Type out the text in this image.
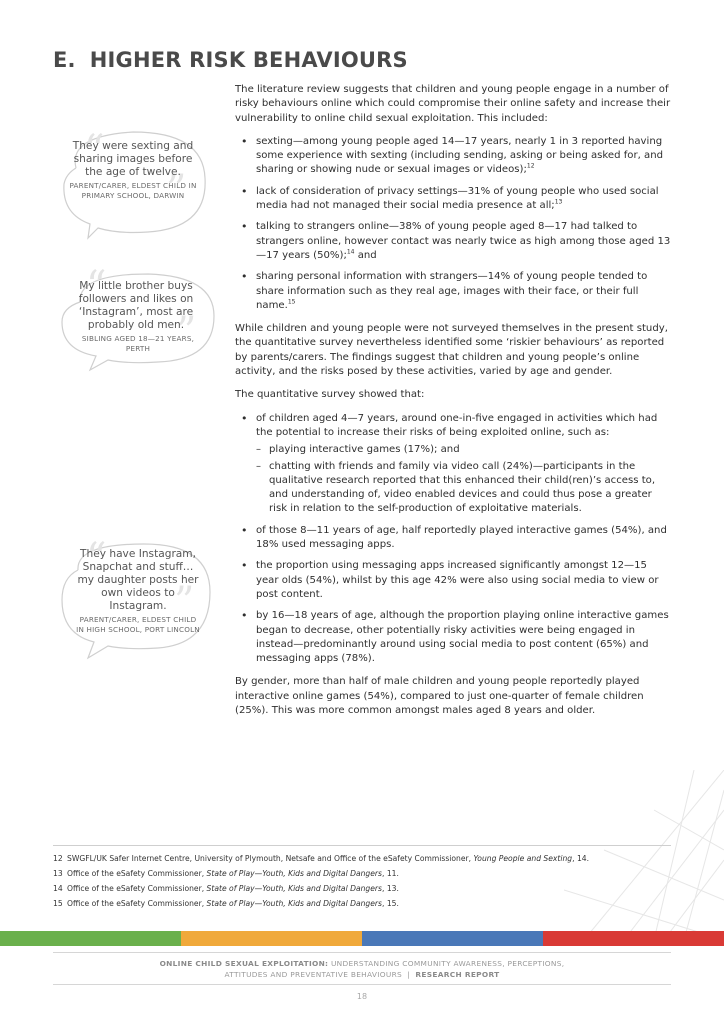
E. HIGHER RISK BEHAVIOURS
“
”
They were sexting and sharing images before the age of twelve.
PARENT/CARER, ELDEST CHILD IN PRIMARY SCHOOL, DARWIN
“
”
My little brother buys followers and likes on ‘Instagram’, most are probably old men.
SIBLING AGED 18—21 YEARS, PERTH
“
”
They have Instagram, Snapchat and stuff… my daughter posts her own videos to Instagram.
PARENT/CARER, ELDEST CHILD IN HIGH SCHOOL, PORT LINCOLN

The literature review suggests that children and young people engage in a number of risky behaviours online which could compromise their online safety and increase their vulnerability to online child sexual exploitation. This included:

• sexting—among young people aged 14—17 years, nearly 1 in 3 reported having some experience with sexting (including sending, asking or being asked for, and sharing or showing nude or sexual images or videos);$^{12}$
• lack of consideration of privacy settings—31% of young people who used social media had not managed their social media presence at all;$^{13}$
• talking to strangers online—38% of young people aged 8—17 had talked to strangers online, however contact was nearly twice as high among those aged 13—17 years (50%);$^{14}$ and
• sharing personal information with strangers—14% of young people tended to share information such as they real age, images with their face, or their full name.$^{15}$

While children and young people were not surveyed themselves in the present study, the quantitative survey nevertheless identified some ‘riskier behaviours’ as reported by parents/carers. The findings suggest that children and young people’s online activity, and the risks posed by these activities, varied by age and gender.

The quantitative survey showed that:

• of children aged 4—7 years, around one-in-five engaged in activities which had the potential to increase their risks of being exploited online, such as:
– playing interactive games (17%); and
– chatting with friends and family via video call (24%)—participants in the qualitative research reported that this enhanced their child(ren)’s access to, and understanding of, video enabled devices and could thus pose a greater risk in relation to the self-production of exploitative materials.
• of those 8—11 years of age, half reportedly played interactive games (54%), and 18% used messaging apps.
• the proportion using messaging apps increased significantly amongst 12—15 year olds (54%), whilst by this age 42% were also using social media to view or post content.
• by 16—18 years of age, although the proportion playing online interactive games began to decrease, other potentially risky activities were being engaged in instead—predominantly around using social media to post content (65%) and messaging apps (78%).

By gender, more than half of male children and young people reportedly played interactive online games (54%), compared to just one-quarter of female children (25%). This was more common amongst males aged 8 years and older.

12 SWGFL/UK Safer Internet Centre, University of Plymouth, Netsafe and Office of the eSafety Commissioner, Young People and Sexting, 14.
13 Office of the eSafety Commissioner, State of Play—Youth, Kids and Digital Dangers, 11.
14 Office of the eSafety Commissioner, State of Play—Youth, Kids and Digital Dangers, 13.
15 Office of the eSafety Commissioner, State of Play—Youth, Kids and Digital Dangers, 15.
ONLINE CHILD SEXUAL EXPLOITATION: UNDERSTANDING COMMUNITY AWARENESS, PERCEPTIONS,
ATTITUDES AND PREVENTATIVE BEHAVIOURS | RESEARCH REPORT
18
